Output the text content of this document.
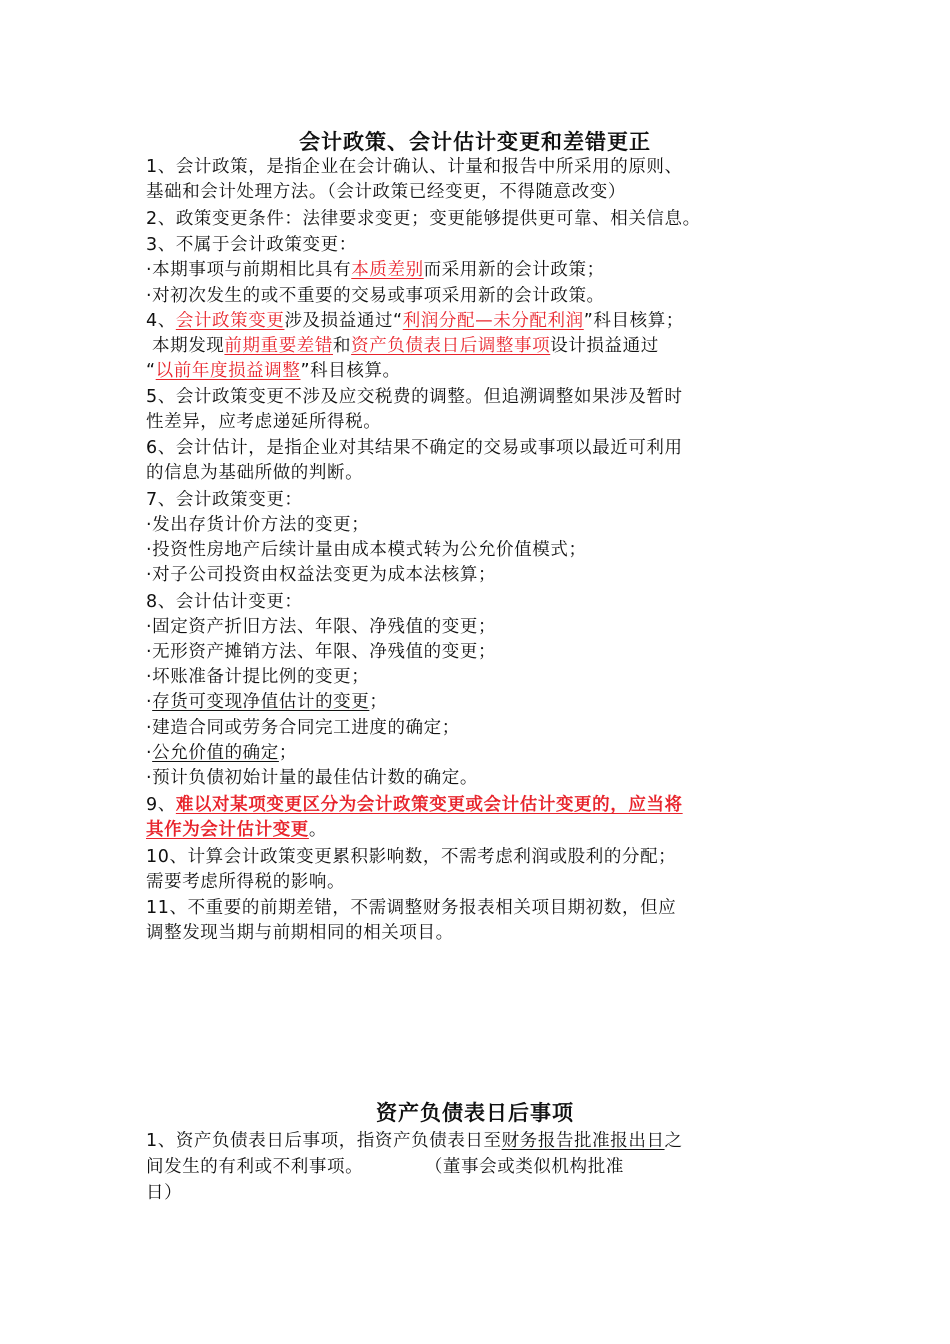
会计政策、会计估计变更和差错更正
1、会计政策，是指企业在会计确认、计量和报告中所采用的原则、
基础和会计处理方法。（会计政策已经变更，不得随意改变）
2、政策变更条件：法律要求变更；变更能够提供更可靠、相关信息。
3、不属于会计政策变更：
·本期事项与前期相比具有本质差别而采用新的会计政策；
·对初次发生的或不重要的交易或事项采用新的会计政策。
4、会计政策变更涉及损益通过“利润分配—未分配利润”科目核算；
本期发现前期重要差错和资产负债表日后调整事项设计损益通过
“以前年度损益调整”科目核算。
5、会计政策变更不涉及应交税费的调整。但追溯调整如果涉及暂时
性差异，应考虑递延所得税。
6、会计估计，是指企业对其结果不确定的交易或事项以最近可利用
的信息为基础所做的判断。
7、会计政策变更：
·发出存货计价方法的变更；
·投资性房地产后续计量由成本模式转为公允价值模式；
·对子公司投资由权益法变更为成本法核算；
8、会计估计变更：
·固定资产折旧方法、年限、净残值的变更；
·无形资产摊销方法、年限、净残值的变更；
·坏账准备计提比例的变更；
·存货可变现净值估计的变更；
·建造合同或劳务合同完工进度的确定；
·公允价值的确定；
·预计负债初始计量的最佳估计数的确定。
9、难以对某项变更区分为会计政策变更或会计估计变更的，应当将
其作为会计估计变更。
10、计算会计政策变更累积影响数，不需考虑利润或股利的分配；
需要考虑所得税的影响。
11、不重要的前期差错，不需调整财务报表相关项目期初数，但应
调整发现当期与前期相同的相关项目。
资产负债表日后事项
1、资产负债表日后事项，指资产负债表日至财务报告批准报出日之
间发生的有利或不利事项。          （董事会或类似机构批准
日）
